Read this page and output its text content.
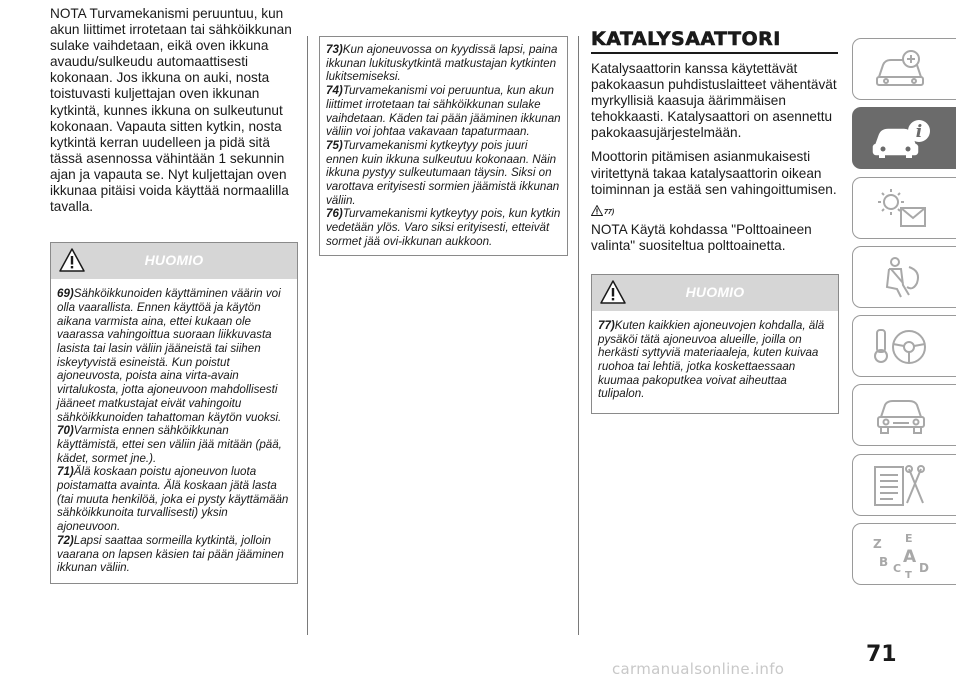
NOTA Turvamekanismi peruuntuu, kun akun liittimet irrotetaan tai sähköikkunan sulake vaihdetaan, eikä oven ikkuna avaudu/sulkeudu automaattisesti kokonaan. Jos ikkuna on auki, nosta toistuvasti kuljettajan oven ikkunan kytkintä, kunnes ikkuna on sulkeutunut kokonaan. Vapauta sitten kytkin, nosta kytkintä kerran uudelleen ja pidä sitä tässä asennossa vähintään 1 sekunnin ajan ja vapauta se. Nyt kuljettajan oven ikkunaa pitäisi voida käyttää normaalilla tavalla.

HUOMIO

69)Sähköikkunoiden käyttäminen väärin voi olla vaarallista. Ennen käyttöä ja käytön aikana varmista aina, ettei kukaan ole vaarassa vahingoittua suoraan liikkuvasta lasista tai lasin väliin jääneistä tai siihen iskeytyvistä esineistä. Kun poistut ajoneuvosta, poista aina virta-avain virtalukosta, jotta ajoneuvoon mahdollisesti jääneet matkustajat eivät vahingoitu sähköikkunoiden tahattoman käytön vuoksi.

70)Varmista ennen sähköikkunan käyttämistä, ettei sen väliin jää mitään (pää, kädet, sormet jne.).

71)Älä koskaan poistu ajoneuvon luota poistamatta avainta. Älä koskaan jätä lasta (tai muuta henkilöä, joka ei pysty käyttämään sähköikkunoita turvallisesti) yksin ajoneuvoon.

72)Lapsi saattaa sormeilla kytkintä, jolloin vaarana on lapsen käsien tai pään jääminen ikkunan väliin.

73)Kun ajoneuvossa on kyydissä lapsi, paina ikkunan lukituskytkintä matkustajan kytkinten lukitsemiseksi.

74)Turvamekanismi voi peruuntua, kun akun liittimet irrotetaan tai sähköikkunan sulake vaihdetaan. Käden tai pään jääminen ikkunan väliin voi johtaa vakavaan tapaturmaan.

75)Turvamekanismi kytkeytyy pois juuri ennen kuin ikkuna sulkeutuu kokonaan. Näin ikkuna pystyy sulkeutumaan täysin. Siksi on varottava erityisesti sormien jäämistä ikkunan väliin.

76)Turvamekanismi kytkeytyy pois, kun kytkin vedetään ylös. Varo siksi erityisesti, etteivät sormet jää ovi-ikkunan aukkoon.

KATALYSAATTORI

Katalysaattorin kanssa käytettävät pakokaasun puhdistuslaitteet vähentävät myrkyllisiä kaasuja äärimmäisen tehokkaasti. Katalysaattori on asennettu pakokaasujärjestelmään.

Moottorin pitämisen asianmukaisesti viritettynä takaa katalysaattorin oikean toiminnan ja estää sen vahingoittumisen.

77)

NOTA Käytä kohdassa "Polttoaineen valinta" suositeltua polttoainetta.

HUOMIO

77)Kuten kaikkien ajoneuvojen kohdalla, älä pysäköi tätä ajoneuvoa alueille, joilla on herkästi syttyviä materiaaleja, kuten kuivaa ruohoa tai lehtiä, jotka koskettaessaan kuumaa pakoputkea voivat aiheuttaa tulipalon.

i
Z E
B A
C D
T
71
carmanualsonline.info
